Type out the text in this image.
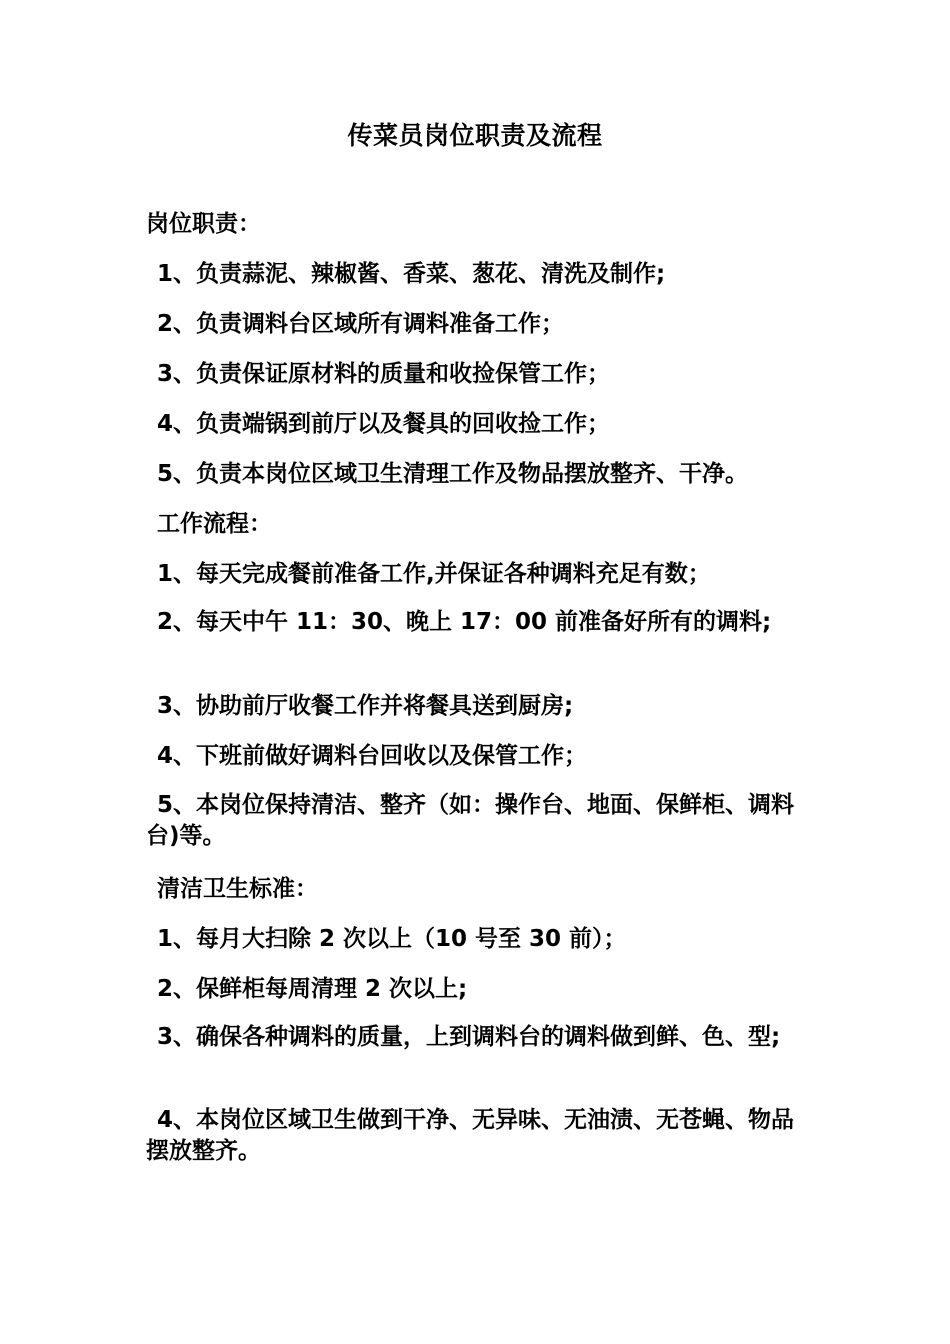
传菜员岗位职责及流程
岗位职责：
1、负责蒜泥、辣椒酱、香菜、葱花、清洗及制作;
2、负责调料台区域所有调料准备工作；
3、负责保证原材料的质量和收捡保管工作；
4、负责端锅到前厅以及餐具的回收捡工作；
5、负责本岗位区域卫生清理工作及物品摆放整齐、干净。
工作流程：
1、每天完成餐前准备工作,并保证各种调料充足有数；
2、每天中午 11：30、晚上 17：00 前准备好所有的调料;
3、协助前厅收餐工作并将餐具送到厨房;
4、下班前做好调料台回收以及保管工作；
5、本岗位保持清洁、整齐（如：操作台、地面、保鲜柜、调料台)等。
清洁卫生标准：
1、每月大扫除 2 次以上（10 号至 30 前）；
2、保鲜柜每周清理 2 次以上;
3、确保各种调料的质量，上到调料台的调料做到鲜、色、型;
4、本岗位区域卫生做到干净、无异味、无油渍、无苍蝇、物品摆放整齐。
